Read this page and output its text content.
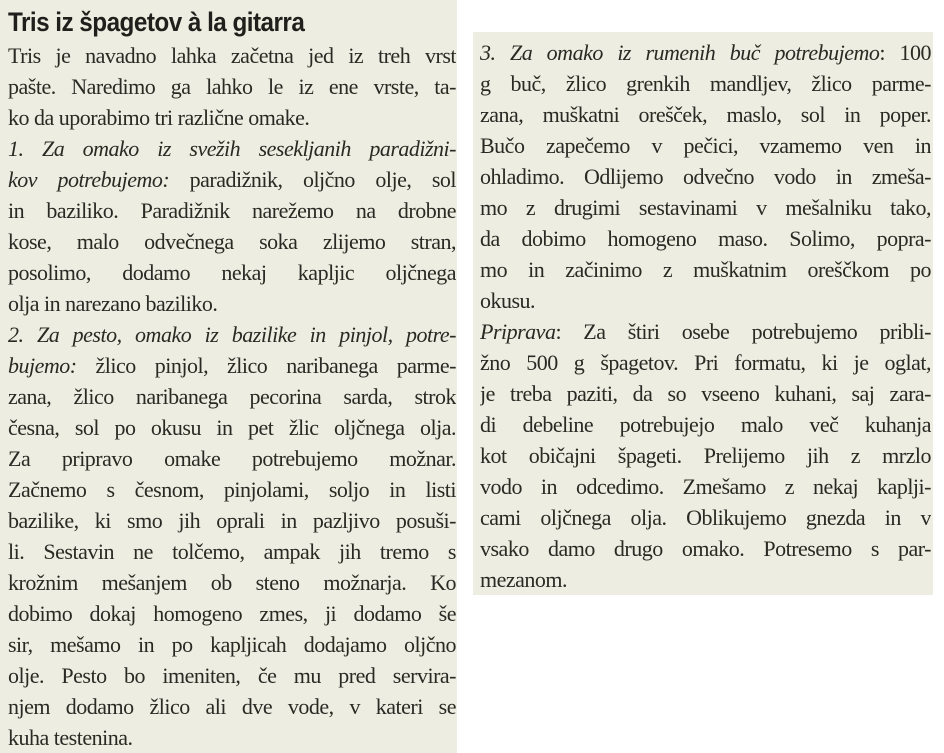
Tris iz špagetov à la gitarra
Tris je navadno lahka začetna jed iz treh vrst
pašte. Naredimo ga lahko le iz ene vrste, ta-
ko da uporabimo tri različne omake.
1. Za omako iz svežih sesekljanih paradižni-
kov potrebujemo: paradižnik, oljčno olje, sol
in baziliko. Paradižnik narežemo na drobne
kose, malo odvečnega soka zlijemo stran,
posolimo, dodamo nekaj kapljic oljčnega
olja in narezano baziliko.
2. Za pesto, omako iz bazilike in pinjol, potre-
bujemo: žlico pinjol, žlico naribanega parme-
zana, žlico naribanega pecorina sarda, strok
česna, sol po okusu in pet žlic oljčnega olja.
Za pripravo omake potrebujemo možnar.
Začnemo s česnom, pinjolami, soljo in listi
bazilike, ki smo jih oprali in pazljivo posuši-
li. Sestavin ne tolčemo, ampak jih tremo s
krožnim mešanjem ob steno možnarja. Ko
dobimo dokaj homogeno zmes, ji dodamo še
sir, mešamo in po kapljicah dodajamo oljčno
olje. Pesto bo imeniten, če mu pred servira-
njem dodamo žlico ali dve vode, v kateri se
kuha testenina.
3. Za omako iz rumenih buč potrebujemo: 100
g buč, žlico grenkih mandljev, žlico parme-
zana, muškatni orešček, maslo, sol in poper.
Bučo zapečemo v pečici, vzamemo ven in
ohladimo. Odlijemo odvečno vodo in zmeša-
mo z drugimi sestavinami v mešalniku tako,
da dobimo homogeno maso. Solimo, popra-
mo in začinimo z muškatnim oreščkom po
okusu.
Priprava: Za štiri osebe potrebujemo pribli-
žno 500 g špagetov. Pri formatu, ki je oglat,
je treba paziti, da so vseeno kuhani, saj zara-
di debeline potrebujejo malo več kuhanja
kot običajni špageti. Prelijemo jih z mrzlo
vodo in odcedimo. Zmešamo z nekaj kaplji-
cami oljčnega olja. Oblikujemo gnezda in v
vsako damo drugo omako. Potresemo s par-
mezanom.
